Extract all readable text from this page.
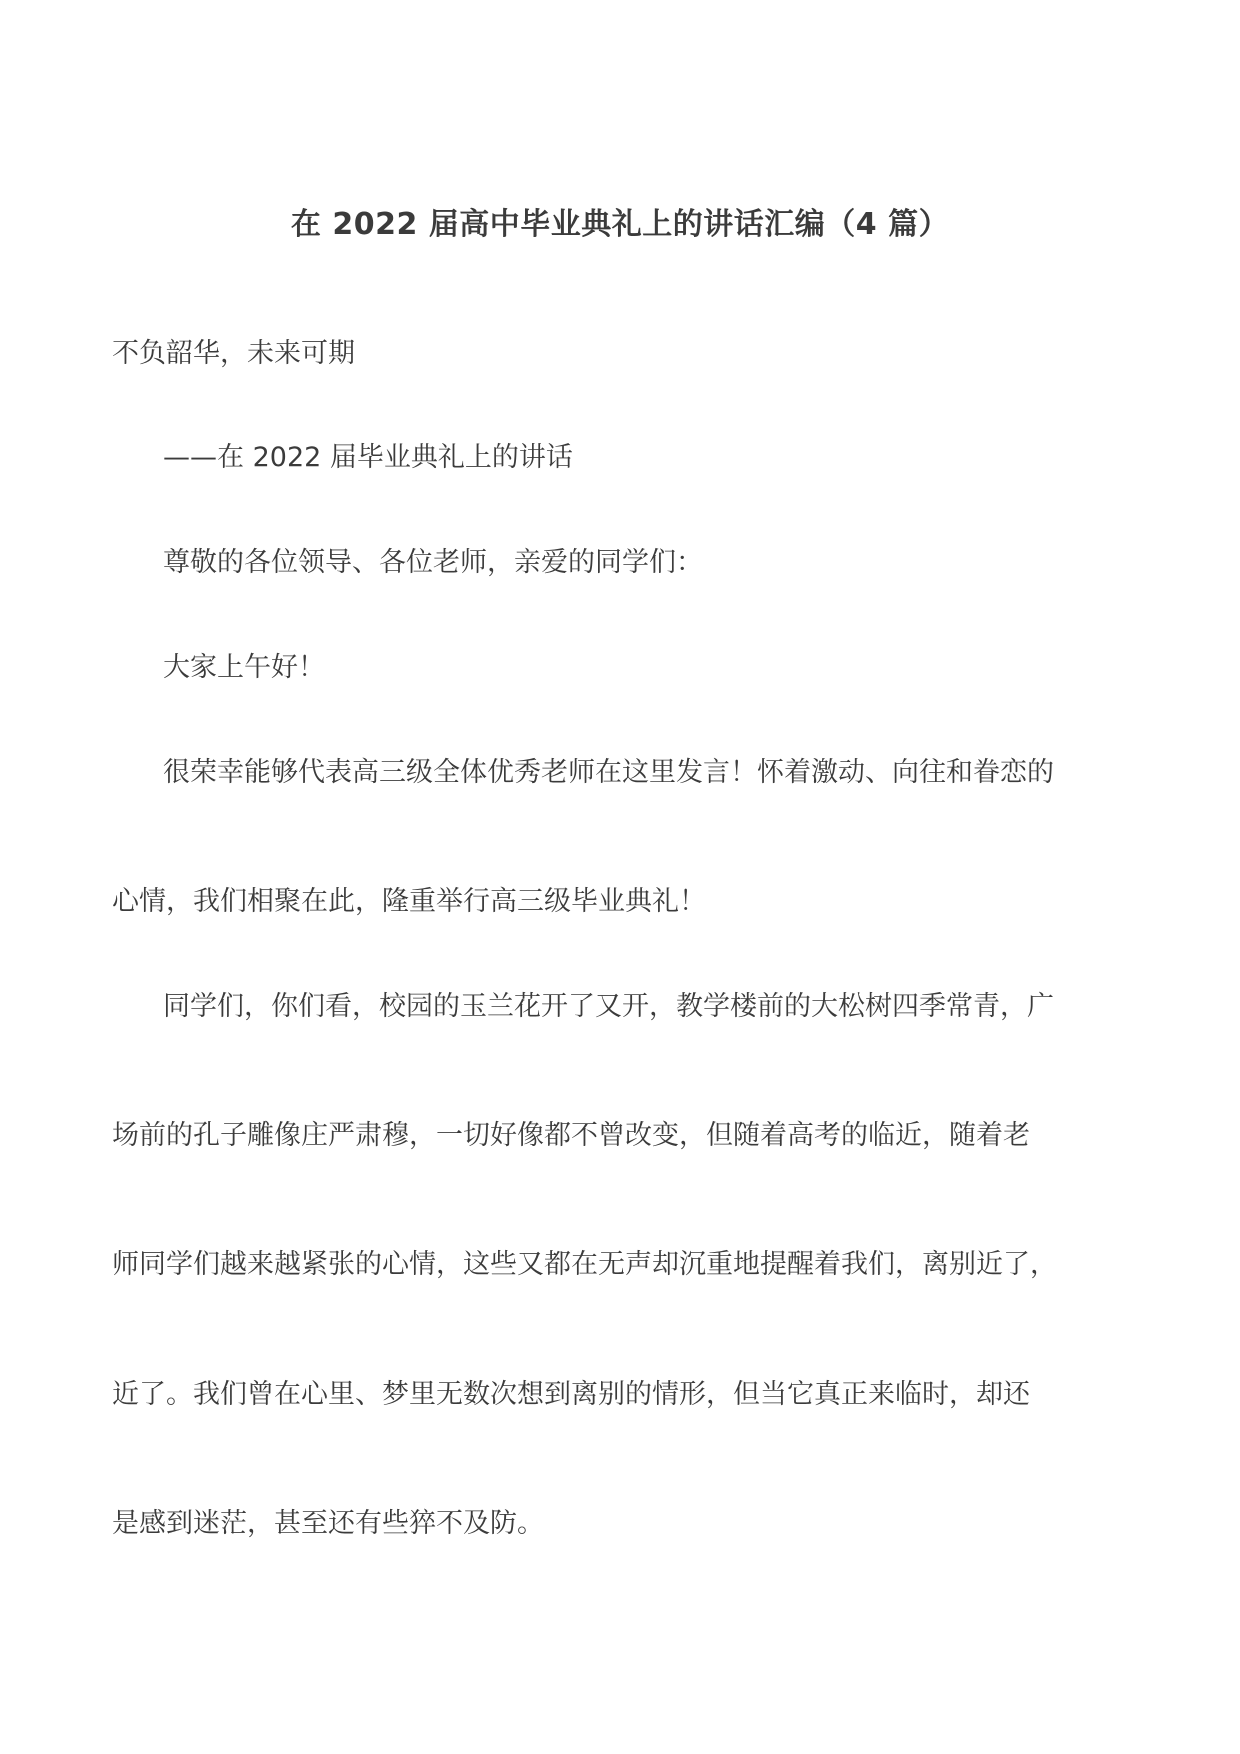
在 2022 届高中毕业典礼上的讲话汇编（4 篇）
不负韶华，未来可期
——在 2022 届毕业典礼上的讲话
尊敬的各位领导、各位老师，亲爱的同学们：
大家上午好！
很荣幸能够代表高三级全体优秀老师在这里发言！怀着激动、向往和眷恋的
心情，我们相聚在此，隆重举行高三级毕业典礼！
同学们，你们看，校园的玉兰花开了又开，教学楼前的大松树四季常青，广
场前的孔子雕像庄严肃穆，一切好像都不曾改变，但随着高考的临近，随着老
师同学们越来越紧张的心情，这些又都在无声却沉重地提醒着我们，离别近了，
近了。我们曾在心里、梦里无数次想到离别的情形，但当它真正来临时，却还
是感到迷茫，甚至还有些猝不及防。
